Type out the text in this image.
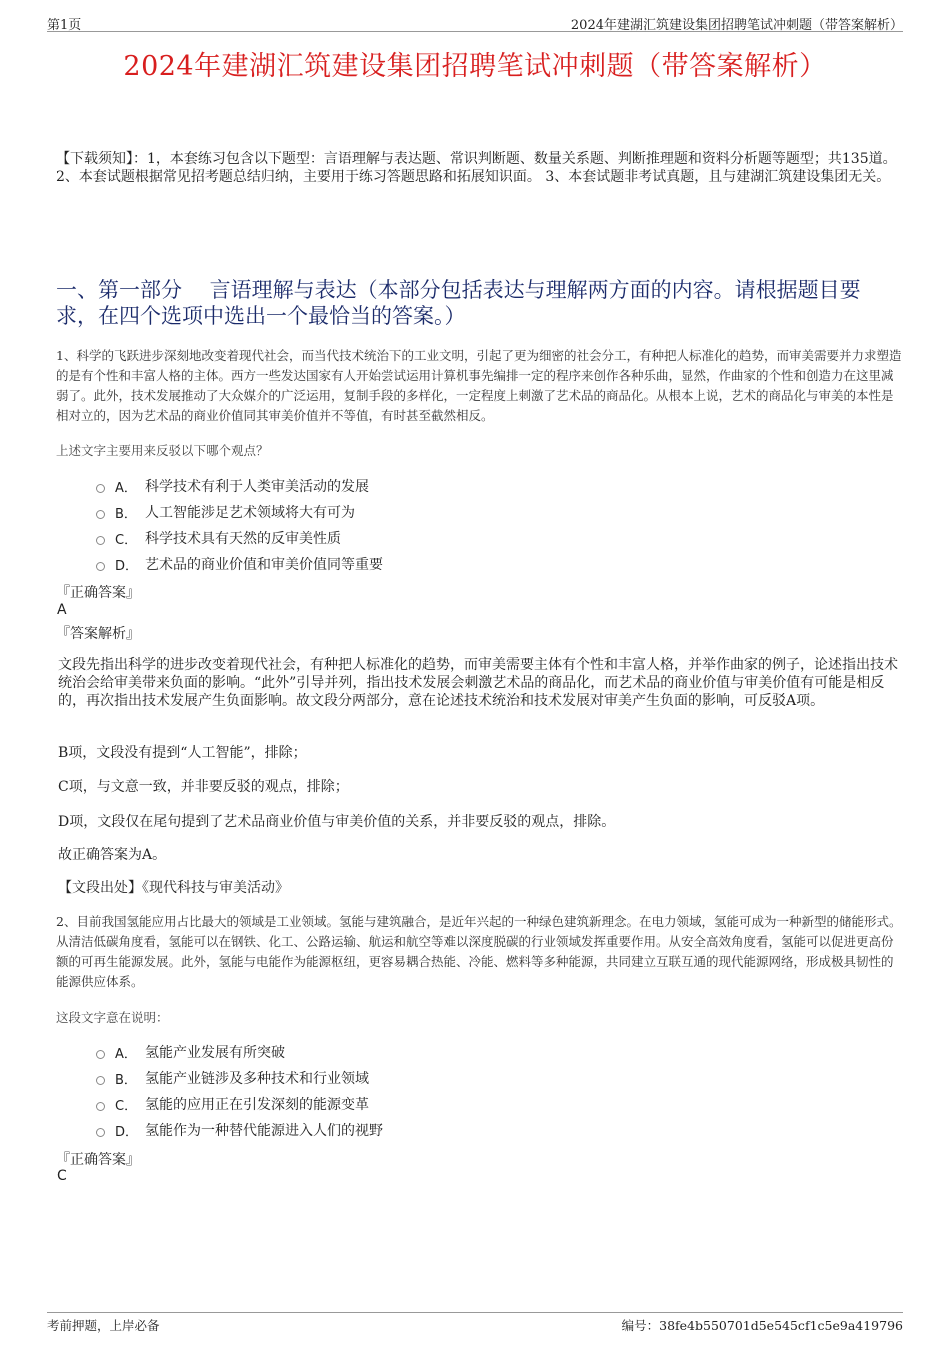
第1页	2024年建湖汇筑建设集团招聘笔试冲刺题（带答案解析）
2024年建湖汇筑建设集团招聘笔试冲刺题（带答案解析）
【下载须知】：1，本套练习包含以下题型：言语理解与表达题、常识判断题、数量关系题、判断推理题和资料分析题等题型；共135道。 2、本套试题根据常见招考题总结归纳，主要用于练习答题思路和拓展知识面。 3、本套试题非考试真题，且与建湖汇筑建设集团无关。
一、第一部分　 言语理解与表达（本部分包括表达与理解两方面的内容。请根据题目要求，在四个选项中选出一个最恰当的答案。）
1、科学的飞跃进步深刻地改变着现代社会，而当代技术统治下的工业文明，引起了更为细密的社会分工，有种把人标准化的趋势，而审美需要并力求塑造的是有个性和丰富人格的主体。西方一些发达国家有人开始尝试运用计算机事先编排一定的程序来创作各种乐曲，显然，作曲家的个性和创造力在这里减弱了。此外，技术发展推动了大众媒介的广泛运用，复制手段的多样化，一定程度上刺激了艺术品的商品化。从根本上说，艺术的商品化与审美的本性是相对立的，因为艺术品的商业价值同其审美价值并不等值，有时甚至截然相反。
上述文字主要用来反驳以下哪个观点？
A． 科学技术有利于人类审美活动的发展
B． 人工智能涉足艺术领域将大有可为
C． 科学技术具有天然的反审美性质
D． 艺术品的商业价值和审美价值同等重要
『正确答案』
A
『答案解析』
文段先指出科学的进步改变着现代社会，有种把人标准化的趋势，而审美需要主体有个性和丰富人格，并举作曲家的例子，论述指出技术统治会给审美带来负面的影响。“此外”引导并列，指出技术发展会刺激艺术品的商品化，而艺术品的商业价值与审美价值有可能是相反的，再次指出技术发展产生负面影响。故文段分两部分，意在论述技术统治和技术发展对审美产生负面的影响，可反驳A项。
B项，文段没有提到“人工智能”，排除；
C项，与文意一致，并非要反驳的观点，排除；
D项，文段仅在尾句提到了艺术品商业价值与审美价值的关系，并非要反驳的观点，排除。
故正确答案为A。
【文段出处】《现代科技与审美活动》
2、目前我国氢能应用占比最大的领域是工业领域。氢能与建筑融合，是近年兴起的一种绿色建筑新理念。在电力领域，氢能可成为一种新型的储能形式。从清洁低碳角度看，氢能可以在钢铁、化工、公路运输、航运和航空等难以深度脱碳的行业领域发挥重要作用。从安全高效角度看，氢能可以促进更高份额的可再生能源发展。此外，氢能与电能作为能源枢纽，更容易耦合热能、冷能、燃料等多种能源，共同建立互联互通的现代能源网络，形成极具韧性的能源供应体系。
这段文字意在说明：
A． 氢能产业发展有所突破
B． 氢能产业链涉及多种技术和行业领域
C． 氢能的应用正在引发深刻的能源变革
D． 氢能作为一种替代能源进入人们的视野
『正确答案』
C
考前押题，上岸必备	编号：38fe4b550701d5e545cf1c5e9a419796
